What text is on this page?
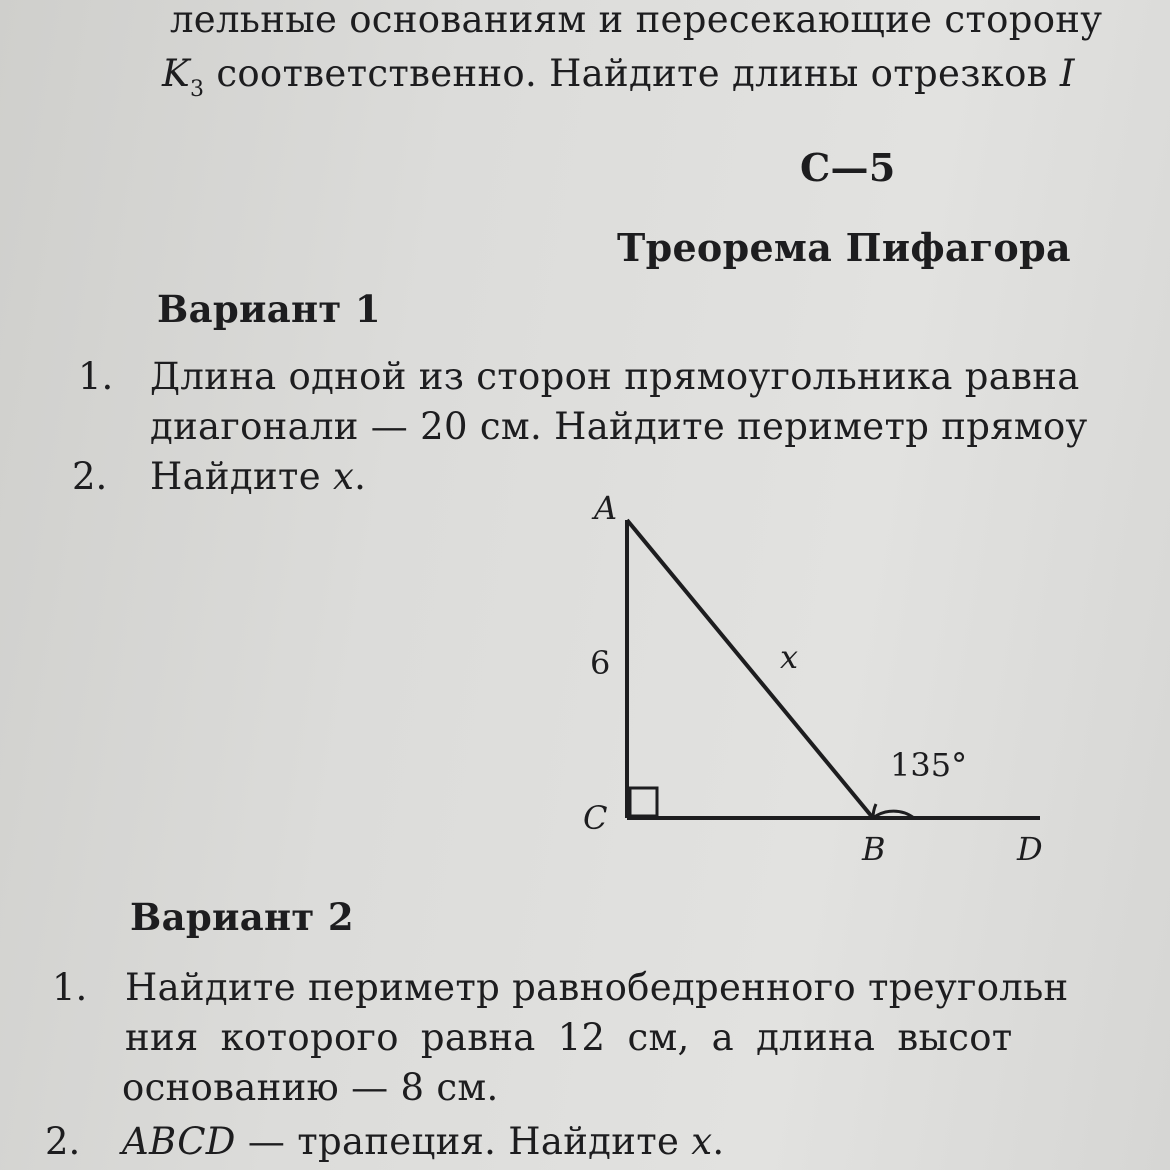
лельные основаниям и пересекающие сторону
$K_3$ соответственно. Найдите длины отрезков I
С—5
Треорема Пифагора
Вариант 1
1. Длина одной из сторон прямоугольника равна
диагонали — 20 см. Найдите периметр прямоу
2. Найдите x.
A
C
B	D
6	x
135°
Вариант 2
1. Найдите периметр равнобедренного треугольн
ния которого равна 12 см, а длина высот
основанию — 8 см.
2. ABCD — трапеция. Найдите x.
